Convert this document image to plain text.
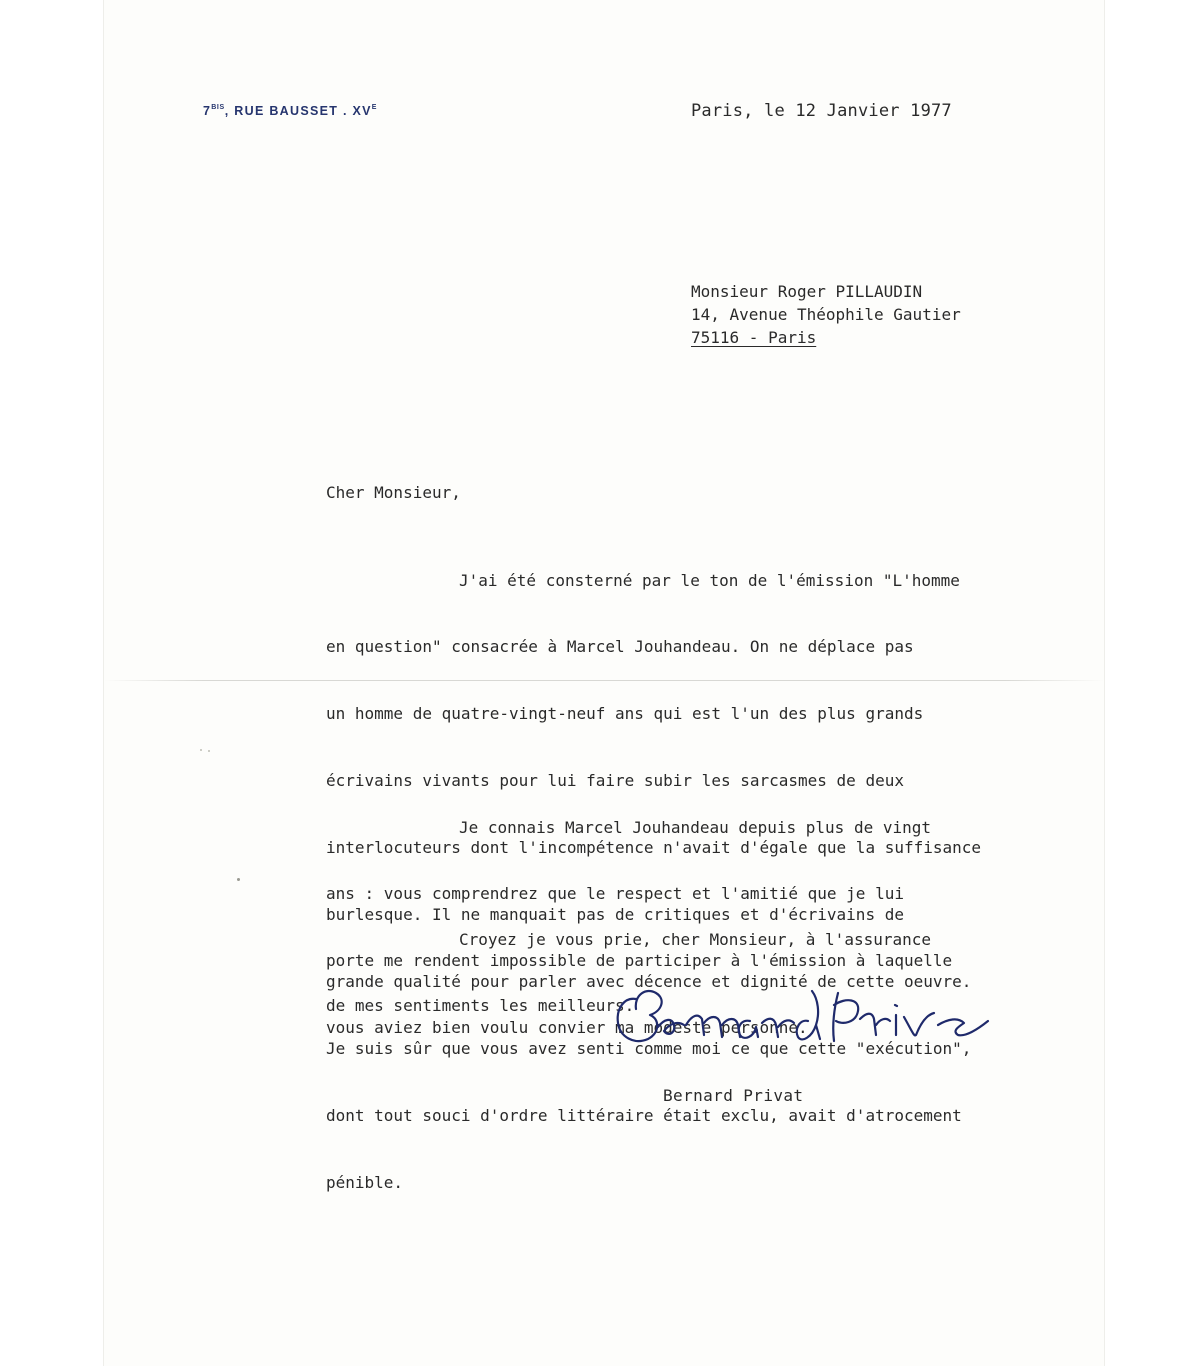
$7^{BIS}$, RUE BAUSSET . $XV^E$	Paris, le 12 Janvier 1977
Monsieur Roger PILLAUDIN
14, Avenue Théophile Gautier
75116 - Paris
Cher Monsieur,

J'ai été consterné par le ton de l'émission "L'homme

en question" consacrée à Marcel Jouhandeau. On ne déplace pas

un homme de quatre-vingt-neuf ans qui est l'un des plus grands

écrivains vivants pour lui faire subir les sarcasmes de deux

interlocuteurs dont l'incompétence n'avait d'égale que la suffisance

burlesque. Il ne manquait pas de critiques et d'écrivains de

grande qualité pour parler avec décence et dignité de cette oeuvre.

Je suis sûr que vous avez senti comme moi ce que cette "exécution",

dont tout souci d'ordre littéraire était exclu, avait d'atrocement

pénible.

Je connais Marcel Jouhandeau depuis plus de vingt

ans : vous comprendrez que le respect et l'amitié que je lui

porte me rendent impossible de participer à l'émission à laquelle

vous aviez bien voulu convier ma modeste personne.

Croyez je vous prie, cher Monsieur, à l'assurance

de mes sentiments les meilleurs.

Bernard Privat
